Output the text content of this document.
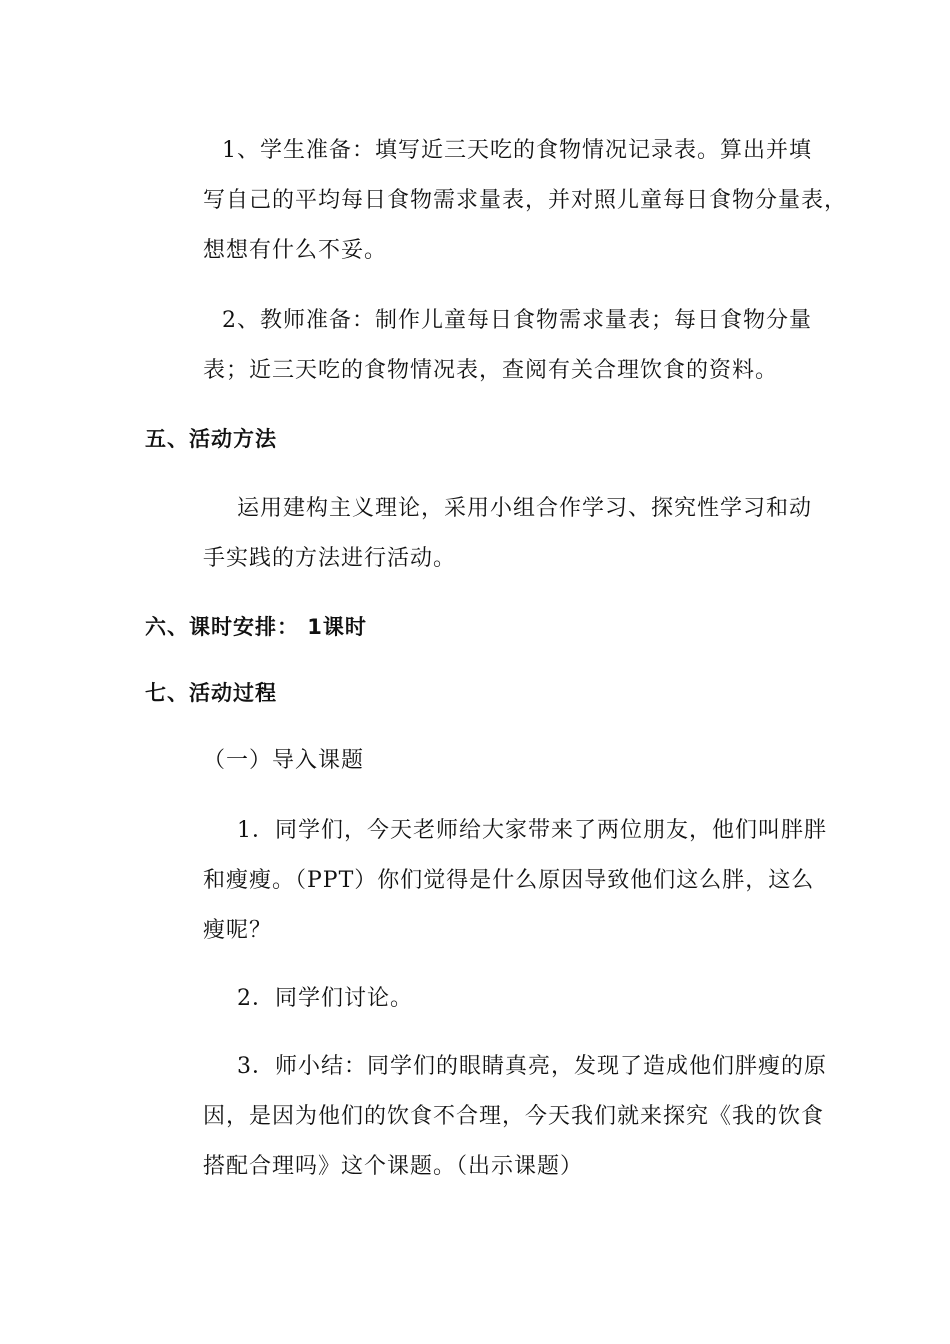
1、学生准备：填写近三天吃的食物情况记录表。算出并填
写自己的平均每日食物需求量表，并对照儿童每日食物分量表，
想想有什么不妥。
2、教师准备：制作儿童每日食物需求量表；每日食物分量
表；近三天吃的食物情况表，查阅有关合理饮食的资料。
五、活动方法
运用建构主义理论，采用小组合作学习、探究性学习和动
手实践的方法进行活动。
六、课时安排： 1课时
七、活动过程
（一）导入课题
1．同学们，今天老师给大家带来了两位朋友，他们叫胖胖
和瘦瘦。（PPT）你们觉得是什么原因导致他们这么胖，这么
瘦呢？
2．同学们讨论。
3．师小结：同学们的眼睛真亮，发现了造成他们胖瘦的原
因，是因为他们的饮食不合理，今天我们就来探究《我的饮食
搭配合理吗》这个课题。（出示课题）
